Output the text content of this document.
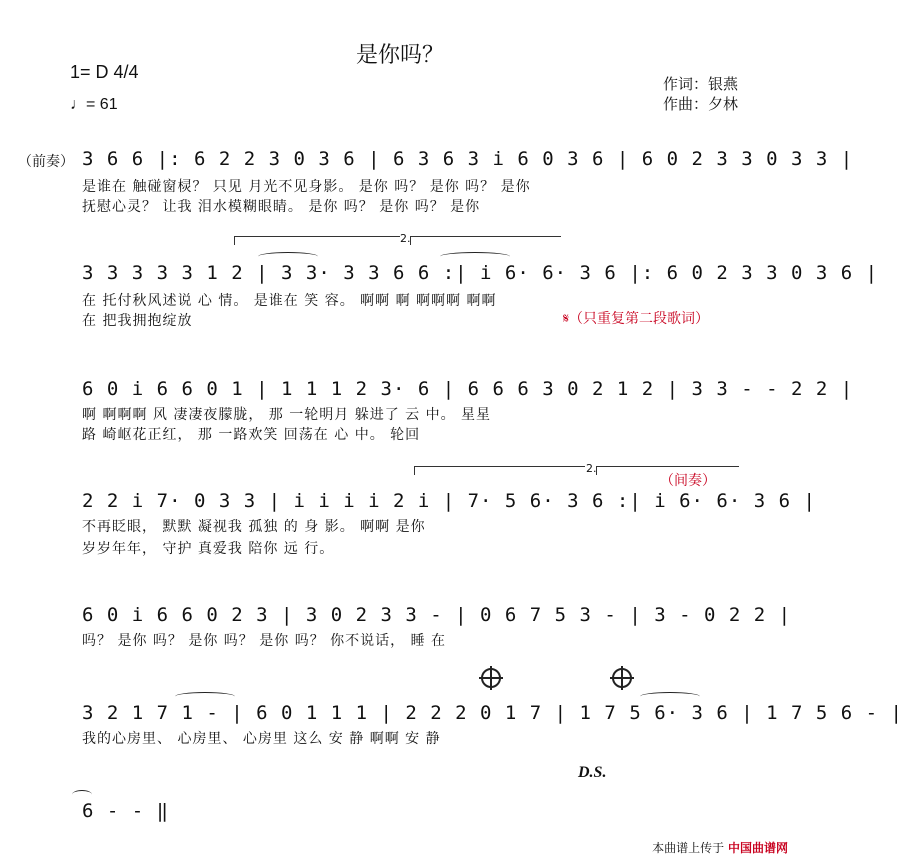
是你吗？
1= D 4/4
♩= 61
作词：银燕
作曲：夕林
（前奏） 3 6 6 |: 6 2 2 3 0 3 6 | 6 3 6 3 i 6 0 3 6 | 6 0 2 3 3 0 3 3 |
是谁在 触碰窗棂？ 只见 月光不见身影。 是你 吗？ 是你 吗？ 是你
抚慰心灵？ 让我 泪水模糊眼睛。 是你 吗？ 是你 吗？ 是你
2.
3 3 3 3 3 1 2 | 3 3· 3 3 6 6 :| i 6· 6· 3 6 |: 6 0 2 3 3 0 3 6 |
在 托付秋风述说 心 情。 是谁在 笑 容。 啊啊 啊 啊啊啊 啊啊
在 把我拥抱绽放	𝄋（只重复第二段歌词）
6 0 i 6 6 0 1 | 1 1 1 2 3· 6 | 6 6 6 3 0 2 1 2 | 3 3 - - 2 2 |
啊 啊啊啊 风 凄凄夜朦胧， 那 一轮明月 躲进了 云 中。 星星
路 崎岖花正红， 那 一路欢笑 回荡在 心 中。 轮回
2.
（间奏）
2 2 i 7· 0 3 3 | i i i i 2 i | 7· 5 6· 3 6 :| i 6· 6· 3 6 |
不再眨眼， 默默 凝视我 孤独 的 身 影。 啊啊 是你
岁岁年年， 守护 真爱我 陪你 远 行。
6 0 i 6 6 0 2 3 | 3 0 2 3 3 - | 0 6 7 5 3 - | 3 - 0 2 2 |
吗？ 是你 吗？ 是你 吗？ 是你 吗？ 你不说话， 睡 在
3 2 1 7 1 - | 6 0 1 1 1 | 2 2 2 0 1 7 | 1 7 5 6· 3 6 | 1 7 5 6 - |
我的心房里、 心房里、 心房里 这么 安 静 啊啊 安 静
D.S.
6 - - ‖
本曲谱上传于 中国曲谱网
